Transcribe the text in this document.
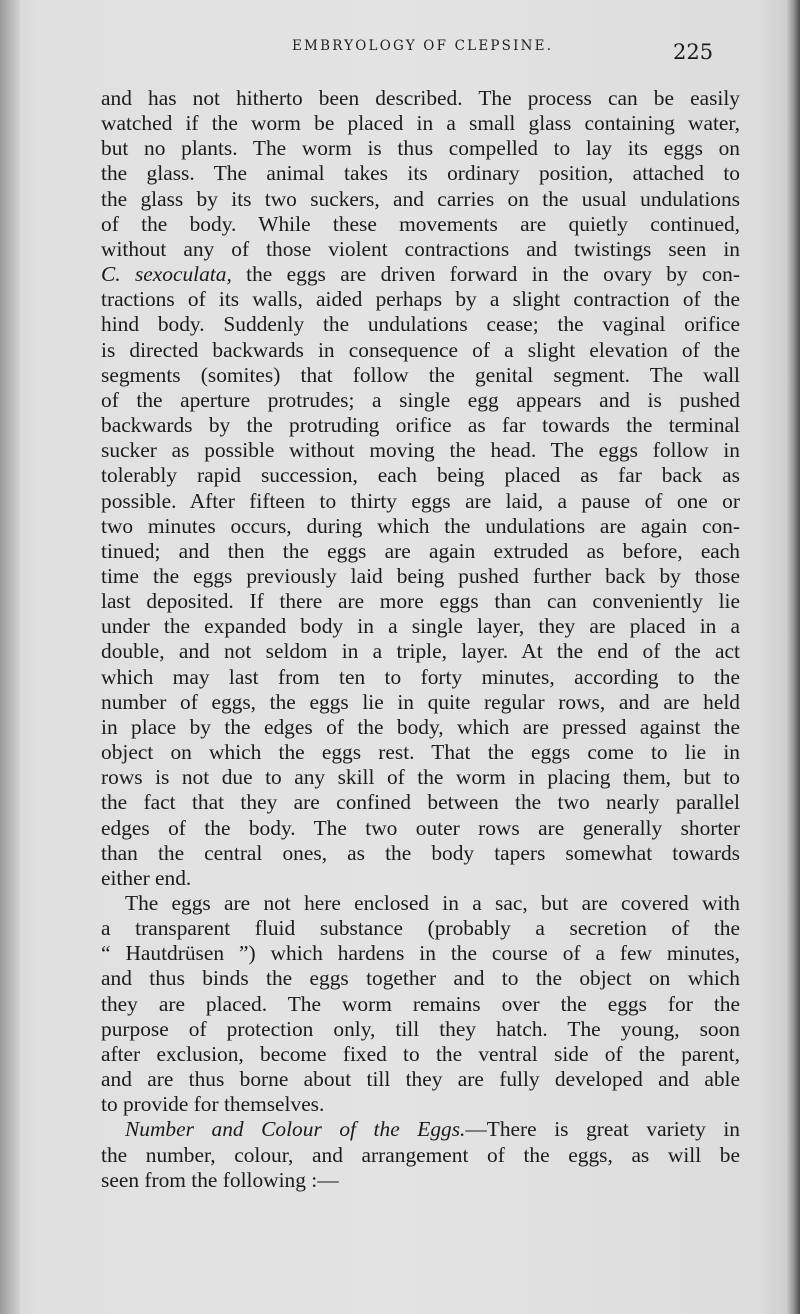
EMBRYOLOGY OF CLEPSINE.	225

and has not hitherto been described. The process can be easily
watched if the worm be placed in a small glass containing water,
but no plants. The worm is thus compelled to lay its eggs on
the glass. The animal takes its ordinary position, attached to
the glass by its two suckers, and carries on the usual undulations
of the body. While these movements are quietly continued,
without any of those violent contractions and twistings seen in
C. sexoculata, the eggs are driven forward in the ovary by con-
tractions of its walls, aided perhaps by a slight contraction of the
hind body. Suddenly the undulations cease; the vaginal orifice
is directed backwards in consequence of a slight elevation of the
segments (somites) that follow the genital segment. The wall
of the aperture protrudes; a single egg appears and is pushed
backwards by the protruding orifice as far towards the terminal
sucker as possible without moving the head. The eggs follow in
tolerably rapid succession, each being placed as far back as
possible. After fifteen to thirty eggs are laid, a pause of one or
two minutes occurs, during which the undulations are again con-
tinued; and then the eggs are again extruded as before, each
time the eggs previously laid being pushed further back by those
last deposited. If there are more eggs than can conveniently lie
under the expanded body in a single layer, they are placed in a
double, and not seldom in a triple, layer. At the end of the act
which may last from ten to forty minutes, according to the
number of eggs, the eggs lie in quite regular rows, and are held
in place by the edges of the body, which are pressed against the
object on which the eggs rest. That the eggs come to lie in
rows is not due to any skill of the worm in placing them, but to
the fact that they are confined between the two nearly parallel
edges of the body. The two outer rows are generally shorter
than the central ones, as the body tapers somewhat towards
either end.

The eggs are not here enclosed in a sac, but are covered with
a transparent fluid substance (probably a secretion of the
“ Hautdrüsen ”) which hardens in the course of a few minutes,
and thus binds the eggs together and to the object on which
they are placed. The worm remains over the eggs for the
purpose of protection only, till they hatch. The young, soon
after exclusion, become fixed to the ventral side of the parent,
and are thus borne about till they are fully developed and able
to provide for themselves.

Number and Colour of the Eggs.—There is great variety in
the number, colour, and arrangement of the eggs, as will be
seen from the following :—
